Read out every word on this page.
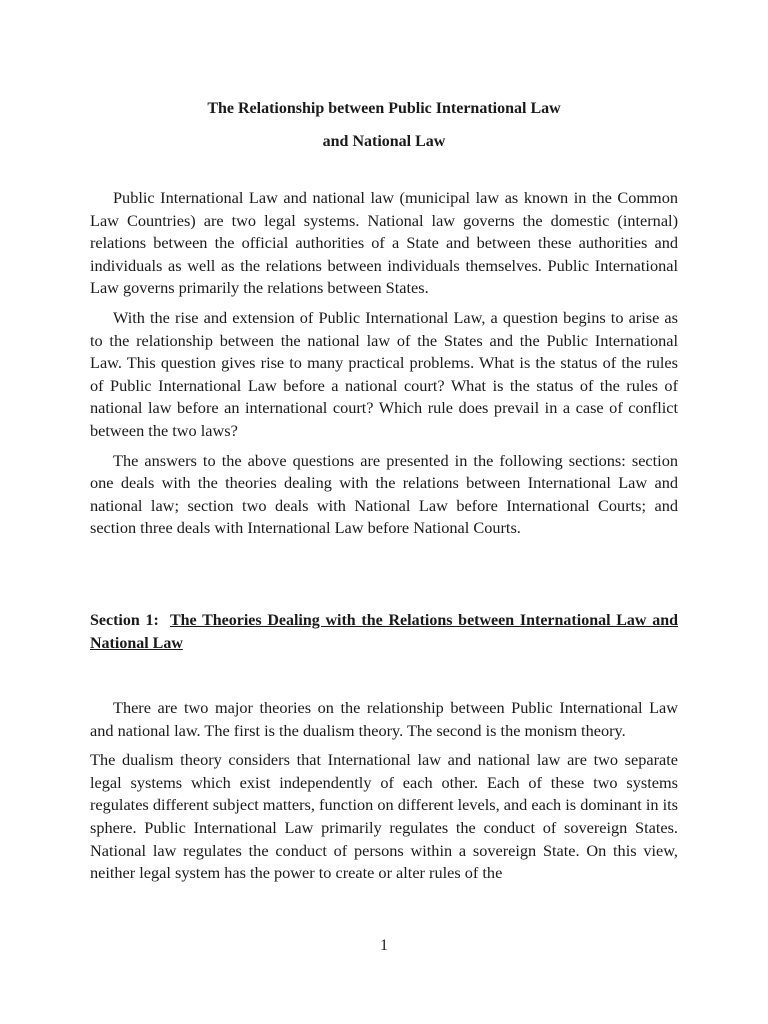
The Relationship between Public International Law
and National Law

Public International Law and national law (municipal law as known in the Common Law Countries) are two legal systems. National law governs the domestic (internal) relations between the official authorities of a State and between these authorities and individuals as well as the relations between individuals themselves. Public International Law governs primarily the relations between States.

With the rise and extension of Public International Law, a question begins to arise as to the relationship between the national law of the States and the Public International Law. This question gives rise to many practical problems. What is the status of the rules of Public International Law before a national court? What is the status of the rules of national law before an international court? Which rule does prevail in a case of conflict between the two laws?

The answers to the above questions are presented in the following sections: section one deals with the theories dealing with the relations between International Law and national law; section two deals with National Law before International Courts; and section three deals with International Law before National Courts.

Section 1: The Theories Dealing with the Relations between International Law and National Law

There are two major theories on the relationship between Public International Law and national law. The first is the dualism theory. The second is the monism theory.

The dualism theory considers that International law and national law are two separate legal systems which exist independently of each other. Each of these two systems regulates different subject matters, function on different levels, and each is dominant in its sphere. Public International Law primarily regulates the conduct of sovereign States. National law regulates the conduct of persons within a sovereign State. On this view, neither legal system has the power to create or alter rules of the

1
